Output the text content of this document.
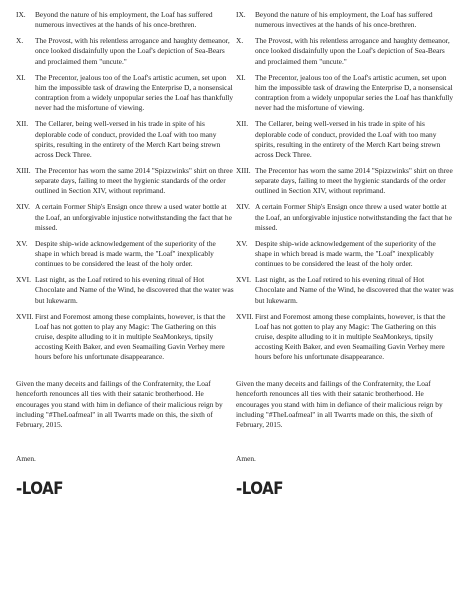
IX. Beyond the nature of his employment, the Loaf has suffered numerous invectives at the hands of his once-brethren.
X. The Provost, with his relentless arrogance and haughty demeanor, once looked disdainfully upon the Loaf's depiction of Sea-Bears and proclaimed them "uncute."
XI. The Precentor, jealous too of the Loaf's artistic acumen, set upon him the impossible task of drawing the Enterprise D, a nonsensical contraption from a widely unpopular series the Loaf has thankfully never had the misfortune of viewing.
XII. The Cellarer, being well-versed in his trade in spite of his deplorable code of conduct, provided the Loaf with too many spirits, resulting in the entirety of the Merch Kart being strewn across Deck Three.
XIII. The Precentor has worn the same 2014 "Spizzwinks" shirt on three separate days, failing to meet the hygienic standards of the order outlined in Section XIV, without reprimand.
XIV. A certain Former Ship's Ensign once threw a used water bottle at the Loaf, an unforgivable injustice notwithstanding the fact that he missed.
XV. Despite ship-wide acknowledgement of the superiority of the shape in which bread is made warm, the "Loaf" inexplicably continues to be considered the least of the holy order.
XVI. Last night, as the Loaf retired to his evening ritual of Hot Chocolate and Name of the Wind, he discovered that the water was but lukewarm.
XVII. First and Foremost among these complaints, however, is that the Loaf has not gotten to play any Magic: The Gathering on this cruise, despite alluding to it in multiple SeaMonkeys, tipsily accosting Keith Baker, and even Seamailing Gavin Verhey mere hours before his unfortunate disappearance.
Given the many deceits and failings of the Confraternity, the Loaf henceforth renounces all ties with their satanic brotherhood. He encourages you stand with him in defiance of their malicious reign by including "#TheLoafmeal" in all Twarrts made on this, the sixth of February, 2015.
Amen.
-LOAF
IX. Beyond the nature of his employment, the Loaf has suffered numerous invectives at the hands of his once-brethren.
X. The Provost, with his relentless arrogance and haughty demeanor, once looked disdainfully upon the Loaf's depiction of Sea-Bears and proclaimed them "uncute."
XI. The Precentor, jealous too of the Loaf's artistic acumen, set upon him the impossible task of drawing the Enterprise D, a nonsensical contraption from a widely unpopular series the Loaf has thankfully never had the misfortune of viewing.
XII. The Cellarer, being well-versed in his trade in spite of his deplorable code of conduct, provided the Loaf with too many spirits, resulting in the entirety of the Merch Kart being strewn across Deck Three.
XIII. The Precentor has worn the same 2014 "Spizzwinks" shirt on three separate days, failing to meet the hygienic standards of the order outlined in Section XIV, without reprimand.
XIV. A certain Former Ship's Ensign once threw a used water bottle at the Loaf, an unforgivable injustice notwithstanding the fact that he missed.
XV. Despite ship-wide acknowledgement of the superiority of the shape in which bread is made warm, the "Loaf" inexplicably continues to be considered the least of the holy order.
XVI. Last night, as the Loaf retired to his evening ritual of Hot Chocolate and Name of the Wind, he discovered that the water was but lukewarm.
XVII. First and Foremost among these complaints, however, is that the Loaf has not gotten to play any Magic: The Gathering on this cruise, despite alluding to it in multiple SeaMonkeys, tipsily accosting Keith Baker, and even Seamailing Gavin Verhey mere hours before his unfortunate disappearance.
Given the many deceits and failings of the Confraternity, the Loaf henceforth renounces all ties with their satanic brotherhood. He encourages you stand with him in defiance of their malicious reign by including "#TheLoafmeal" in all Twarrts made on this, the sixth of February, 2015.
Amen.
-LOAF
